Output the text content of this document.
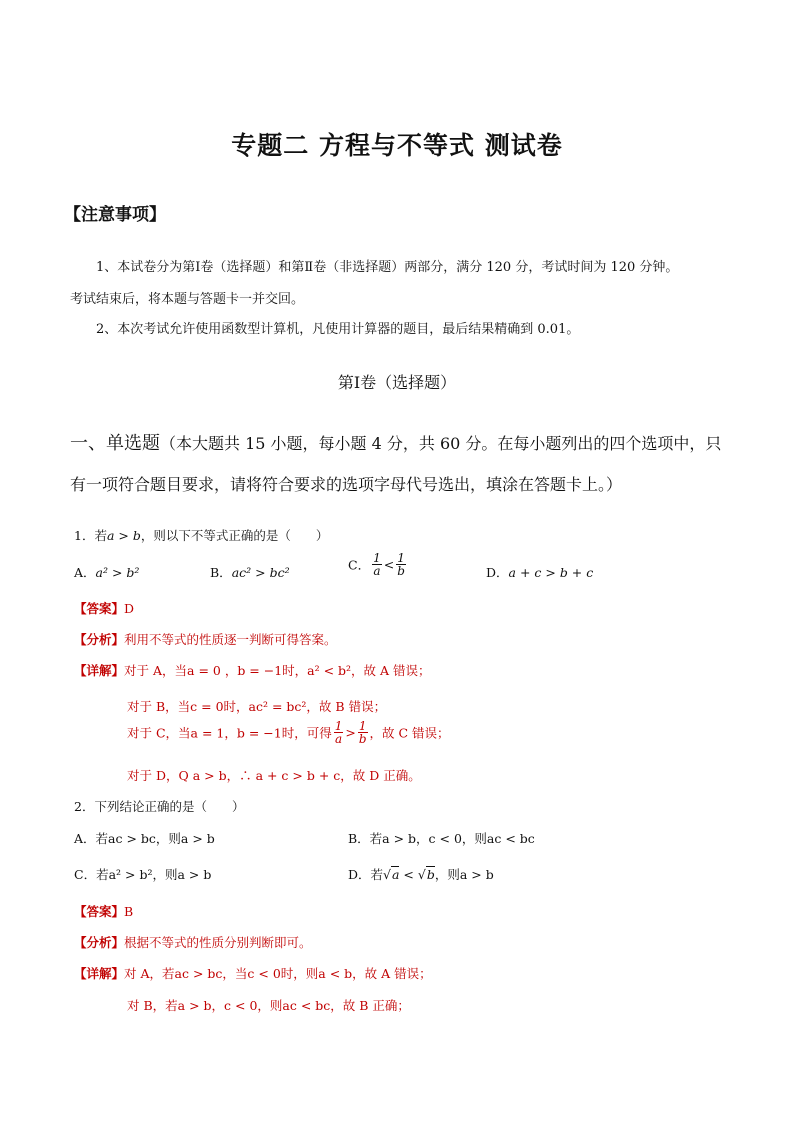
专题二 方程与不等式 测试卷
【注意事项】
1、本试卷分为第Ⅰ卷（选择题）和第Ⅱ卷（非选择题）两部分，满分 120 分，考试时间为 120 分钟。
考试结束后，将本题与答题卡一并交回。
2、本次考试允许使用函数型计算机，凡使用计算器的题目，最后结果精确到 0.01。
第Ⅰ卷（选择题）
一、单选题（本大题共 15 小题，每小题 4 分，共 60 分。在每小题列出的四个选项中，只
有一项符合题目要求，请将符合要求的选项字母代号选出，填涂在答题卡上。）
1．若a > b，则以下不等式正确的是（　　）
A．a² > b²	B．ac² > bc²	C． $\frac{1}{a} < \frac{1}{b}$	D．a + c > b + c
【答案】D
【分析】利用不等式的性质逐一判断可得答案。
【详解】对于 A，当a = 0 ，b = −1时，a² < b²，故 A 错误；
对于 B，当c = 0时，ac² = bc²，故 B 错误；
对于 C，当a = 1，b = −1时，可得 $\frac{1}{a} > \frac{1}{b}$ ，故 C 错误；
对于 D，Q a > b，∴ a + c > b + c，故 D 正确。
2．下列结论正确的是（　　）
A．若ac > bc，则a > b	B．若a > b，c < 0，则ac < bc
C．若a² > b²，则a > b	D．若√a < √b，则a > b
【答案】B
【分析】根据不等式的性质分别判断即可。
【详解】对 A，若ac > bc，当c < 0时，则a < b，故 A 错误；
对 B，若a > b，c < 0，则ac < bc，故 B 正确；
